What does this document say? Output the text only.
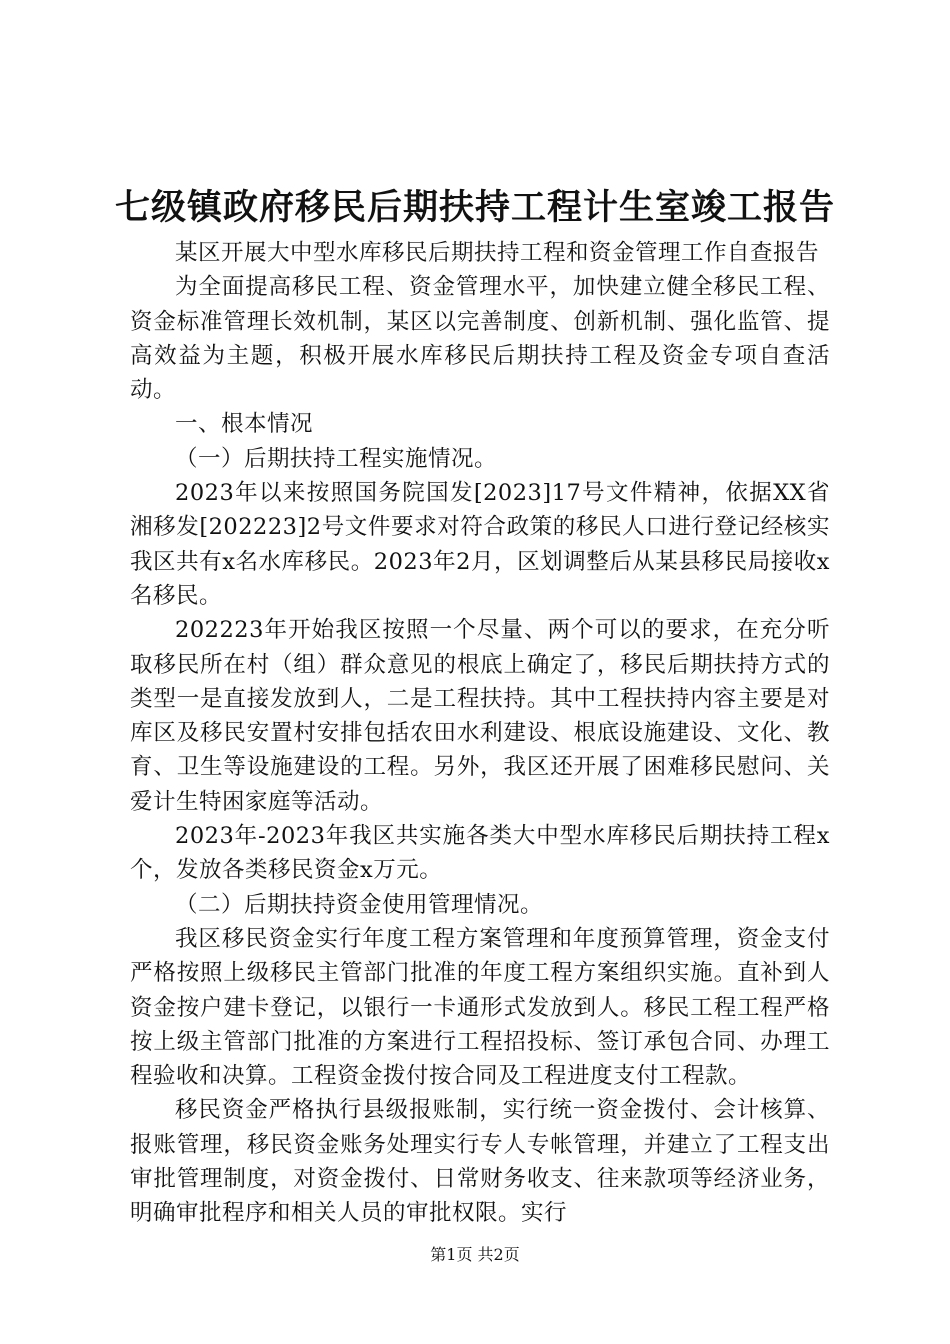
七级镇政府移民后期扶持工程计生室竣工报告

某区开展大中型水库移民后期扶持工程和资金管理工作自查报告

为全面提高移民工程、资金管理水平，加快建立健全移民工程、资金标准管理长效机制，某区以完善制度、创新机制、强化监管、提高效益为主题，积极开展水库移民后期扶持工程及资金专项自查活动。

一、根本情况

（一）后期扶持工程实施情况。

2023年以来按照国务院国发[2023]17号文件精神，依据XX省湘移发[202223]2号文件要求对符合政策的移民人口进行登记经核实我区共有x名水库移民。2023年2月，区划调整后从某县移民局接收x名移民。

202223年开始我区按照一个尽量、两个可以的要求，在充分听取移民所在村（组）群众意见的根底上确定了，移民后期扶持方式的类型一是直接发放到人，二是工程扶持。其中工程扶持内容主要是对库区及移民安置村安排包括农田水利建设、根底设施建设、文化、教育、卫生等设施建设的工程。另外，我区还开展了困难移民慰问、关爱计生特困家庭等活动。

2023年-2023年我区共实施各类大中型水库移民后期扶持工程x个，发放各类移民资金x万元。

（二）后期扶持资金使用管理情况。

我区移民资金实行年度工程方案管理和年度预算管理，资金支付严格按照上级移民主管部门批准的年度工程方案组织实施。直补到人资金按户建卡登记，以银行一卡通形式发放到人。移民工程工程严格按上级主管部门批准的方案进行工程招投标、签订承包合同、办理工程验收和决算。工程资金拨付按合同及工程进度支付工程款。

移民资金严格执行县级报账制，实行统一资金拨付、会计核算、报账管理，移民资金账务处理实行专人专帐管理，并建立了工程支出审批管理制度，对资金拨付、日常财务收支、往来款项等经济业务，明确审批程序和相关人员的审批权限。实行

第1页 共2页
